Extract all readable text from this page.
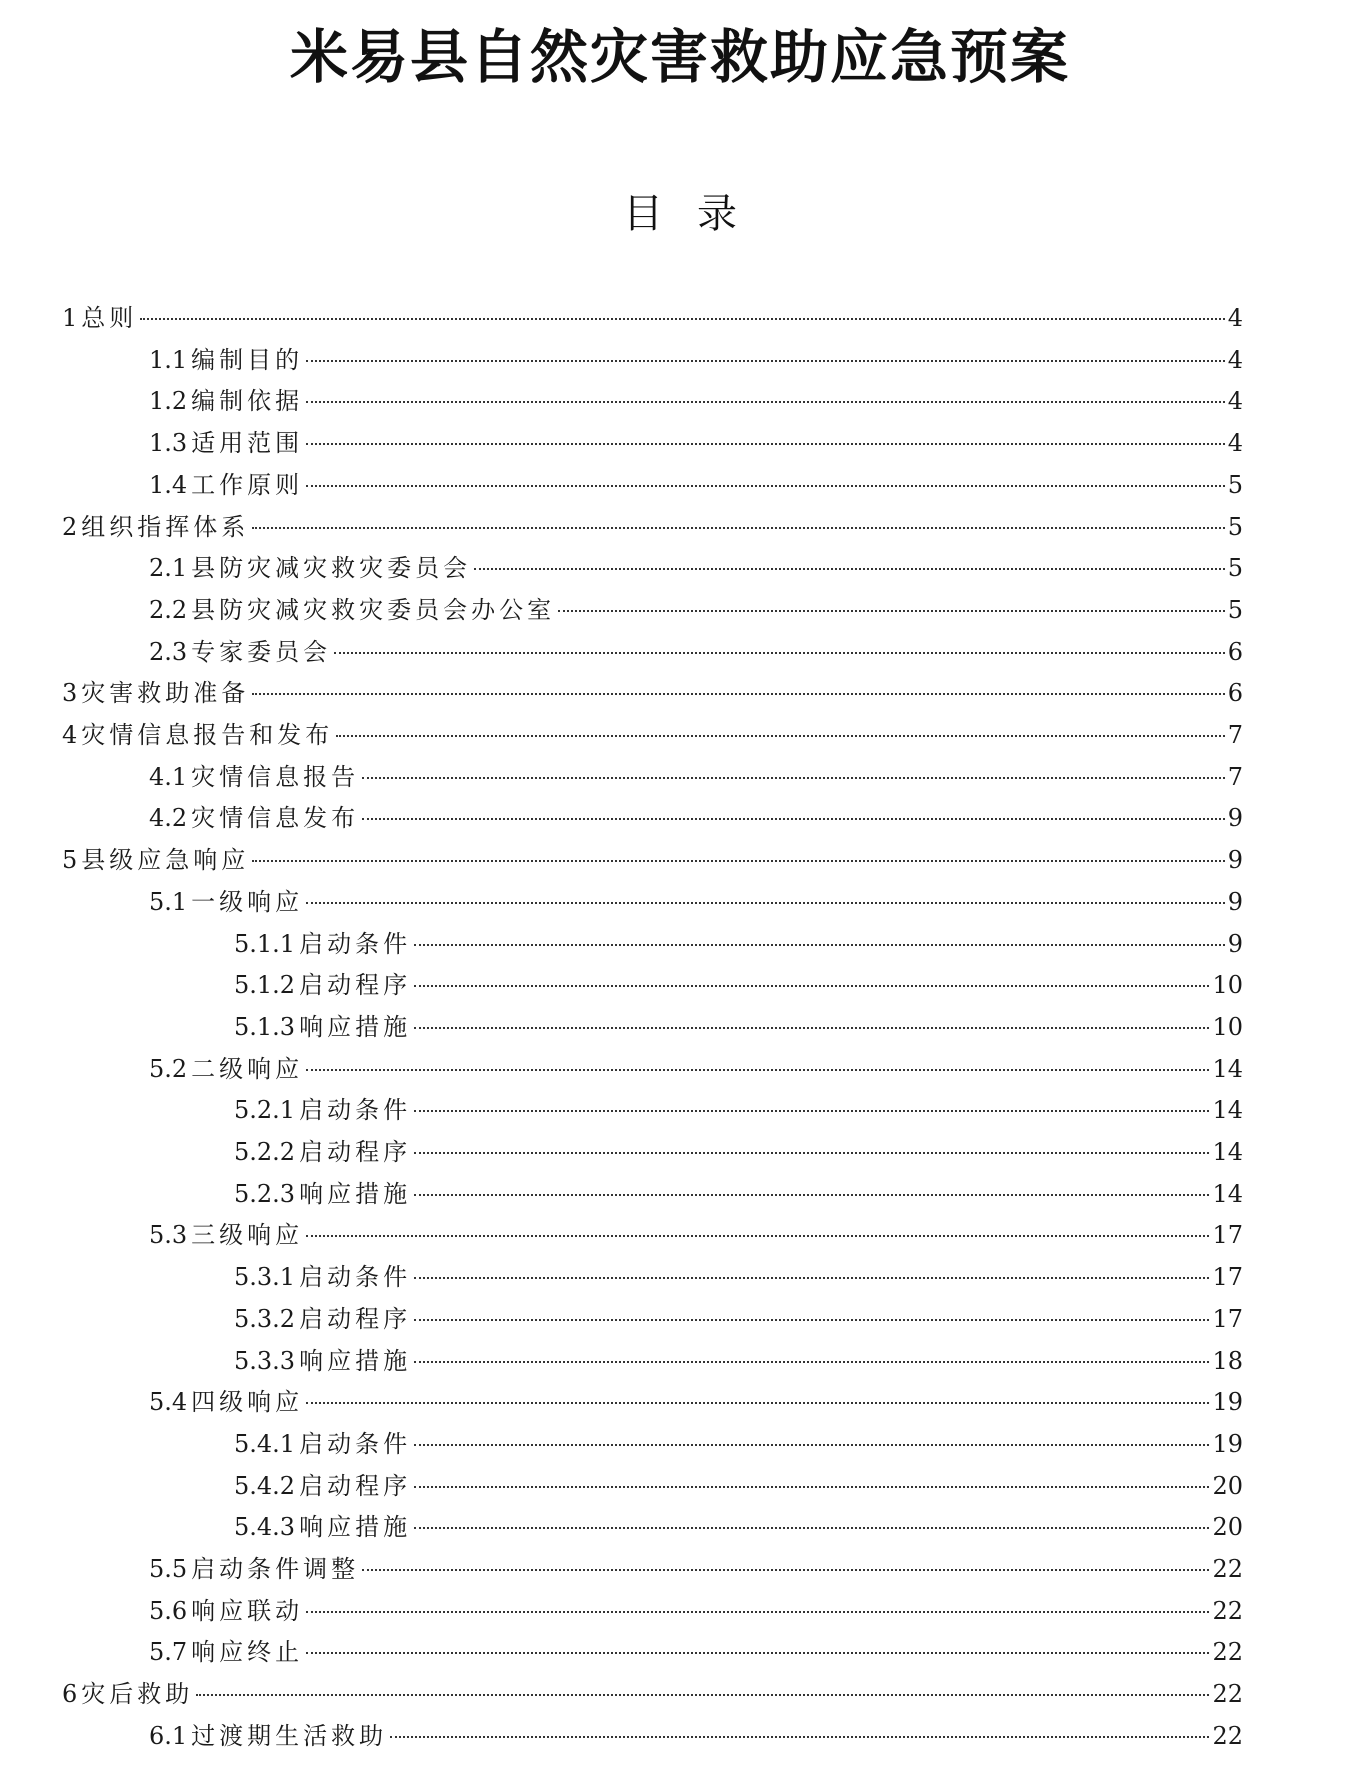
米易县自然灾害救助应急预案
目录
1 总则	4
1.1 编制目的	4
1.2 编制依据	4
1.3 适用范围	4
1.4 工作原则	5
2 组织指挥体系	5
2.1 县防灾减灾救灾委员会	5
2.2 县防灾减灾救灾委员会办公室	5
2.3 专家委员会	6
3 灾害救助准备	6
4 灾情信息报告和发布	7
4.1 灾情信息报告	7
4.2 灾情信息发布	9
5 县级应急响应	9
5.1 一级响应	9
5.1.1 启动条件	9
5.1.2 启动程序	10
5.1.3 响应措施	10
5.2 二级响应	14
5.2.1 启动条件	14
5.2.2 启动程序	14
5.2.3 响应措施	14
5.3 三级响应	17
5.3.1 启动条件	17
5.3.2 启动程序	17
5.3.3 响应措施	18
5.4 四级响应	19
5.4.1 启动条件	19
5.4.2 启动程序	20
5.4.3 响应措施	20
5.5 启动条件调整	22
5.6 响应联动	22
5.7 响应终止	22
6 灾后救助	22
6.1 过渡期生活救助	22
